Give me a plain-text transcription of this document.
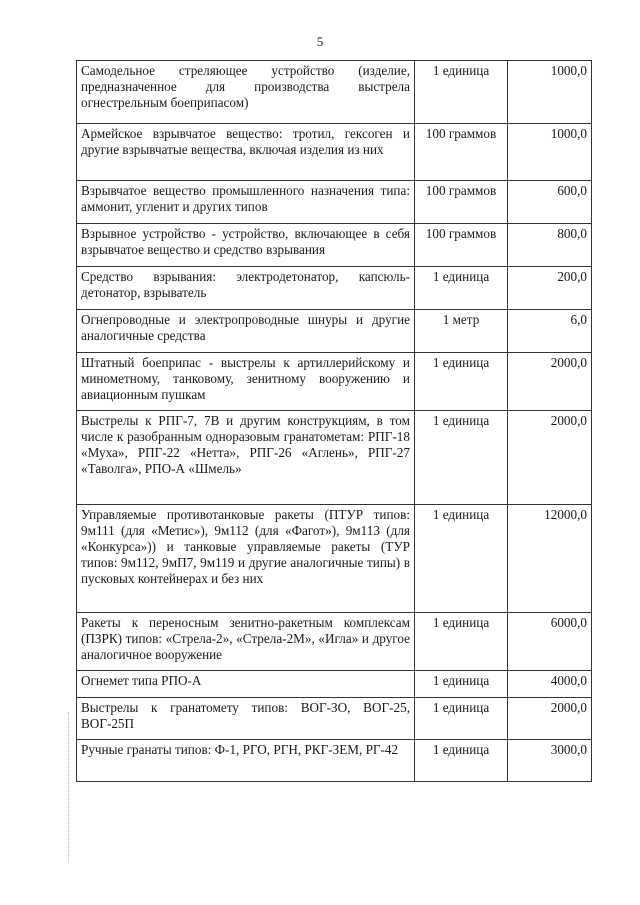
5
Самодельное стреляющее устройство (изделие, предназначенное для производства выстрела огнестрельным боеприпасом)	1 единица	1000,0
Армейское взрывчатое вещество: тротил, гексоген и другие взрывчатые вещества, включая изделия из них	100 граммов	1000,0
Взрывчатое вещество промышленного назначения типа: аммонит, угленит и других типов	100 граммов	600,0
Взрывное устройство - устройство, включающее в себя взрывчатое вещество и средство взрывания	100 граммов	800,0
Средство взрывания: электродетонатор, капсюль-детонатор, взрыватель	1 единица	200,0
Огнепроводные и электропроводные шнуры и другие аналогичные средства	1 метр	6,0
Штатный боеприпас - выстрелы к артиллерийскому и минометному, танковому, зенитному вооружению и авиационным пушкам	1 единица	2000,0
Выстрелы к РПГ-7, 7В и другим конструкциям, в том числе к разобранным одноразовым гранатометам: РПГ-18 «Муха», РПГ-22 «Нетта», РПГ-26 «Аглень», РПГ-27 «Таволга», РПО-А «Шмель»	1 единица	2000,0
Управляемые противотанковые ракеты (ПТУР типов: 9м111 (для «Метис»), 9м112 (для «Фагот»), 9м113 (для «Конкурса»)) и танковые управляемые ракеты (ТУР типов: 9м112, 9мП7, 9м119 и другие аналогичные типы) в пусковых контейнерах и без них	1 единица	12000,0
Ракеты к переносным зенитно-ракетным комплексам (ПЗРК) типов: «Стрела-2», «Стрела-2М», «Игла» и другое аналогичное вооружение	1 единица	6000,0
Огнемет типа РПО-А	1 единица	4000,0
Выстрелы к гранатомету типов: ВОГ-ЗО, ВОГ-25, ВОГ-25П	1 единица	2000,0
Ручные гранаты типов: Ф-1, РГО, РГН, РКГ-ЗЕМ, РГ-42	1 единица	3000,0
